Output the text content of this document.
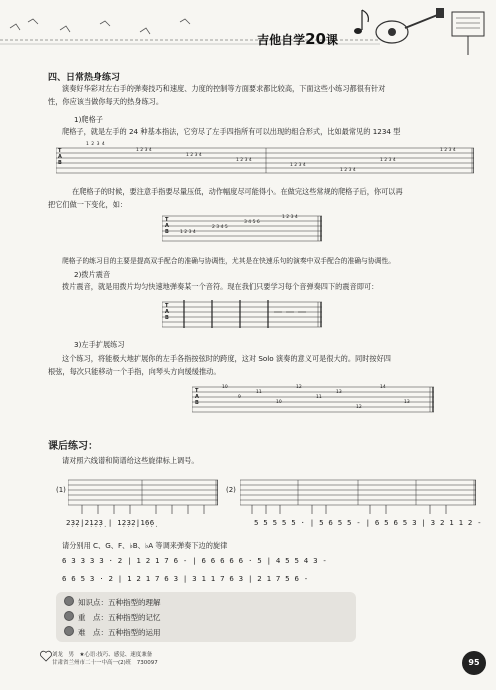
吉他自学20课
四、日常热身练习
演奏好华彩对左右手的弹奏技巧和速度、力度的控制等方面要求都比较高，下面这些小练习都很有针对
性，你应该当做你每天的热身练习。
1)爬格子
爬格子，就是左手的 24 种基本指法，它穷尽了左手四指所有可以出现的组合形式，比如最常见的 1234 型
T
A
B
1 2 3 4
1 2 3 4
1 2 3 4
1 2 3 4
1 2 3 4
1 2 3 4
1 2 3 4
1 2 3 4
在爬格子的时候，要注意手指要尽量压低，动作幅度尽可能得小。在做完这些常规的爬格子后，你可以再
把它们做一下变化，如：
T
A
B 1 2 3 4
2 3 4 5
3 4 5 6
1 2 3 4
爬格子的练习目的主要是提高双手配合的准确与协调性，尤其是在快速乐句的演奏中双手配合的准确与协调性。
2)拨片震音
拨片震音，就是用拨片均匀快速地弹奏某一个音符。现在我们只要学习每个音弹奏四下的震音即可：
T
A
B
3)左手扩展练习
这个练习，将能极大地扩展你的左手各指按弦时的跨度，这对 Solo 演奏的意义可是很大的。同时按好四
根弦，每次只能移动一个手指，向琴头方向缓缓推动。
T
A
B
10
9
11
10
12
11
13
12
14
13
课后练习：
请对照六线谱和简谱给这些旋律标上调号。
(1)
2̣3̣2̣|2̣1̣2̣3̣ | 1̣2̣3̣2̣|1̣6̣6̣
(2)
5 5 5 5 5 · | 5 6 5 5 - | 6 5 6 5 3 | 3 2 1 1 2 -
请分别用 C、G、F、♭B、♭A 等调来弹奏下边的旋律
6 3 3 3 3 · 2 | 1 2 1 7 6 - | 6 6 6 6 6 · 5 | 4 5 5 4 3 -
6 6 5 3 · 2 | 1 2 1 7 6 3 | 3 1 1 7 6 3 | 2 1 7 5 6 -
知识点：五种指型的理解
重　点：五种指型的记忆
难　点：五种指型的运用
刘龙　男　★心语:技巧、感觉、速度兼备
甘肃省兰州市二十一中高一(2)班　730097	95
